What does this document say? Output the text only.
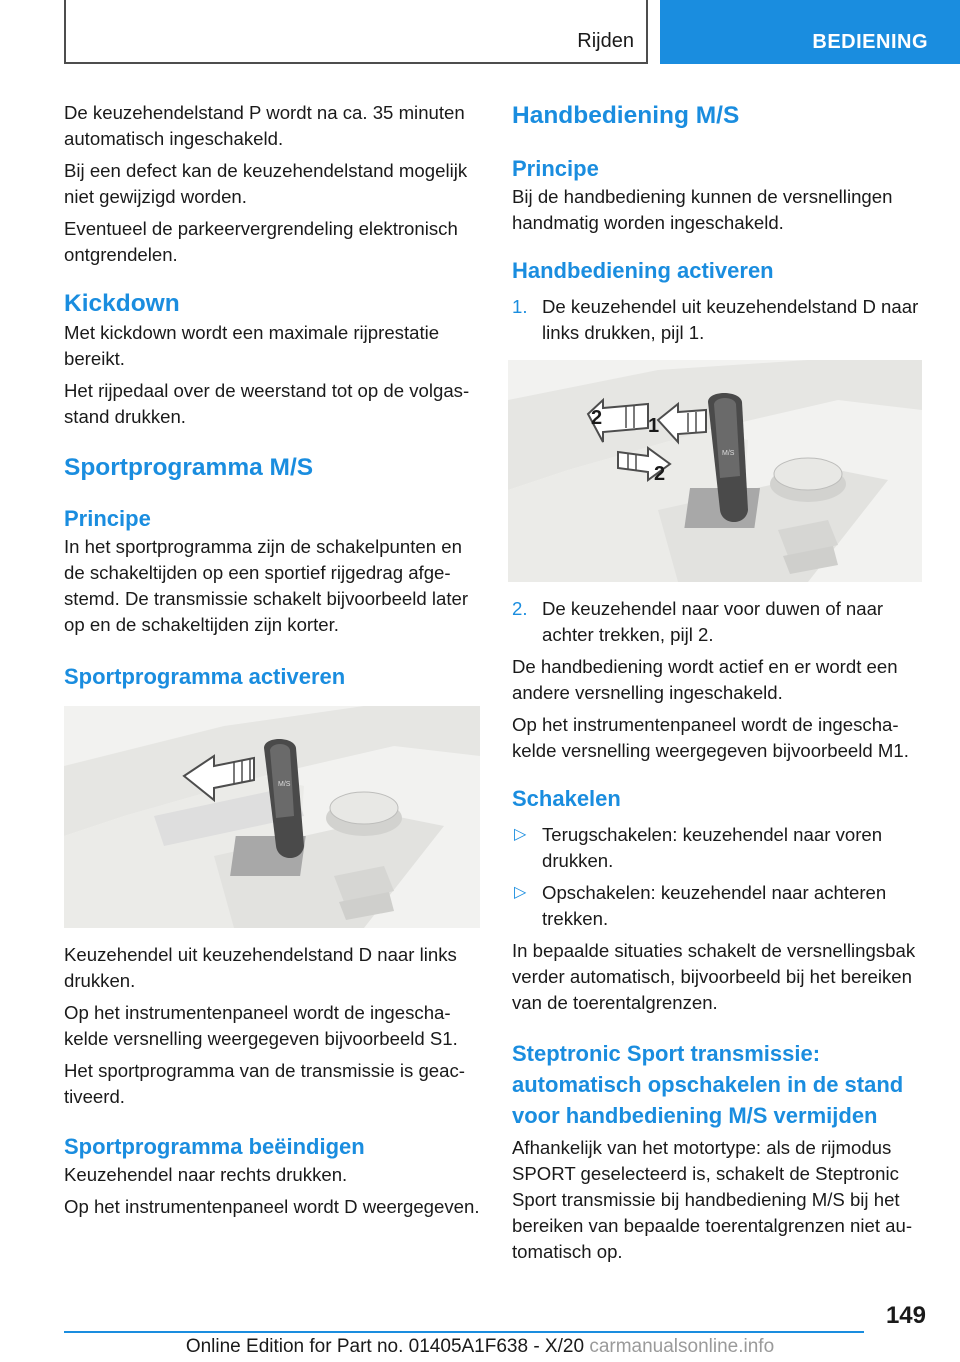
Rijden	BEDIENING

De keuzehendelstand P wordt na ca. 35 minuten automatisch ingeschakeld.

Bij een defect kan de keuzehendelstand mogelijk niet gewijzigd worden.

Eventueel de parkeervergrendeling elektronisch ontgrendelen.

Kickdown

Met kickdown wordt een maximale rijprestatie bereikt.

Het rijpedaal over de weerstand tot op de volgasstand drukken.

Sportprogramma M/S
Principe

In het sportprogramma zijn de schakelpunten en de schakeltijden op een sportief rijgedrag afgestemd. De transmissie schakelt bijvoorbeeld later op en de schakeltijden zijn korter.

Sportprogramma activeren
M/S

Keuzehendel uit keuzehendelstand D naar links drukken.

Op het instrumentenpaneel wordt de ingeschakelde versnelling weergegeven bijvoorbeeld S1.

Het sportprogramma van de transmissie is geactiveerd.

Sportprogramma beëindigen

Keuzehendel naar rechts drukken.

Op het instrumentenpaneel wordt D weergegeven.

Handbediening M/S
Principe

Bij de handbediening kunnen de versnellingen handmatig worden ingeschakeld.

Handbediening activeren
1. De keuzehendel uit keuzehendelstand D naar links drukken, pijl 1.
M/S
2 1
2
2. De keuzehendel naar voor duwen of naar achter trekken, pijl 2.

De handbediening wordt actief en er wordt een andere versnelling ingeschakeld.

Op het instrumentenpaneel wordt de ingeschakelde versnelling weergegeven bijvoorbeeld M1.

Schakelen
▷ Terugschakelen: keuzehendel naar voren drukken.
▷ Opschakelen: keuzehendel naar achteren trekken.

In bepaalde situaties schakelt de versnellingsbak verder automatisch, bijvoorbeeld bij het bereiken van de toerentalgrenzen.

Steptronic Sport transmissie: automatisch opschakelen in de stand voor handbediening M/S vermijden

Afhankelijk van het motortype: als de rijmodus SPORT geselecteerd is, schakelt de Steptronic Sport transmissie bij handbediening M/S bij het bereiken van bepaalde toerentalgrenzen niet automatisch op.

149
Online Edition for Part no. 01405A1F638 - X/20 carmanualsonline.info
